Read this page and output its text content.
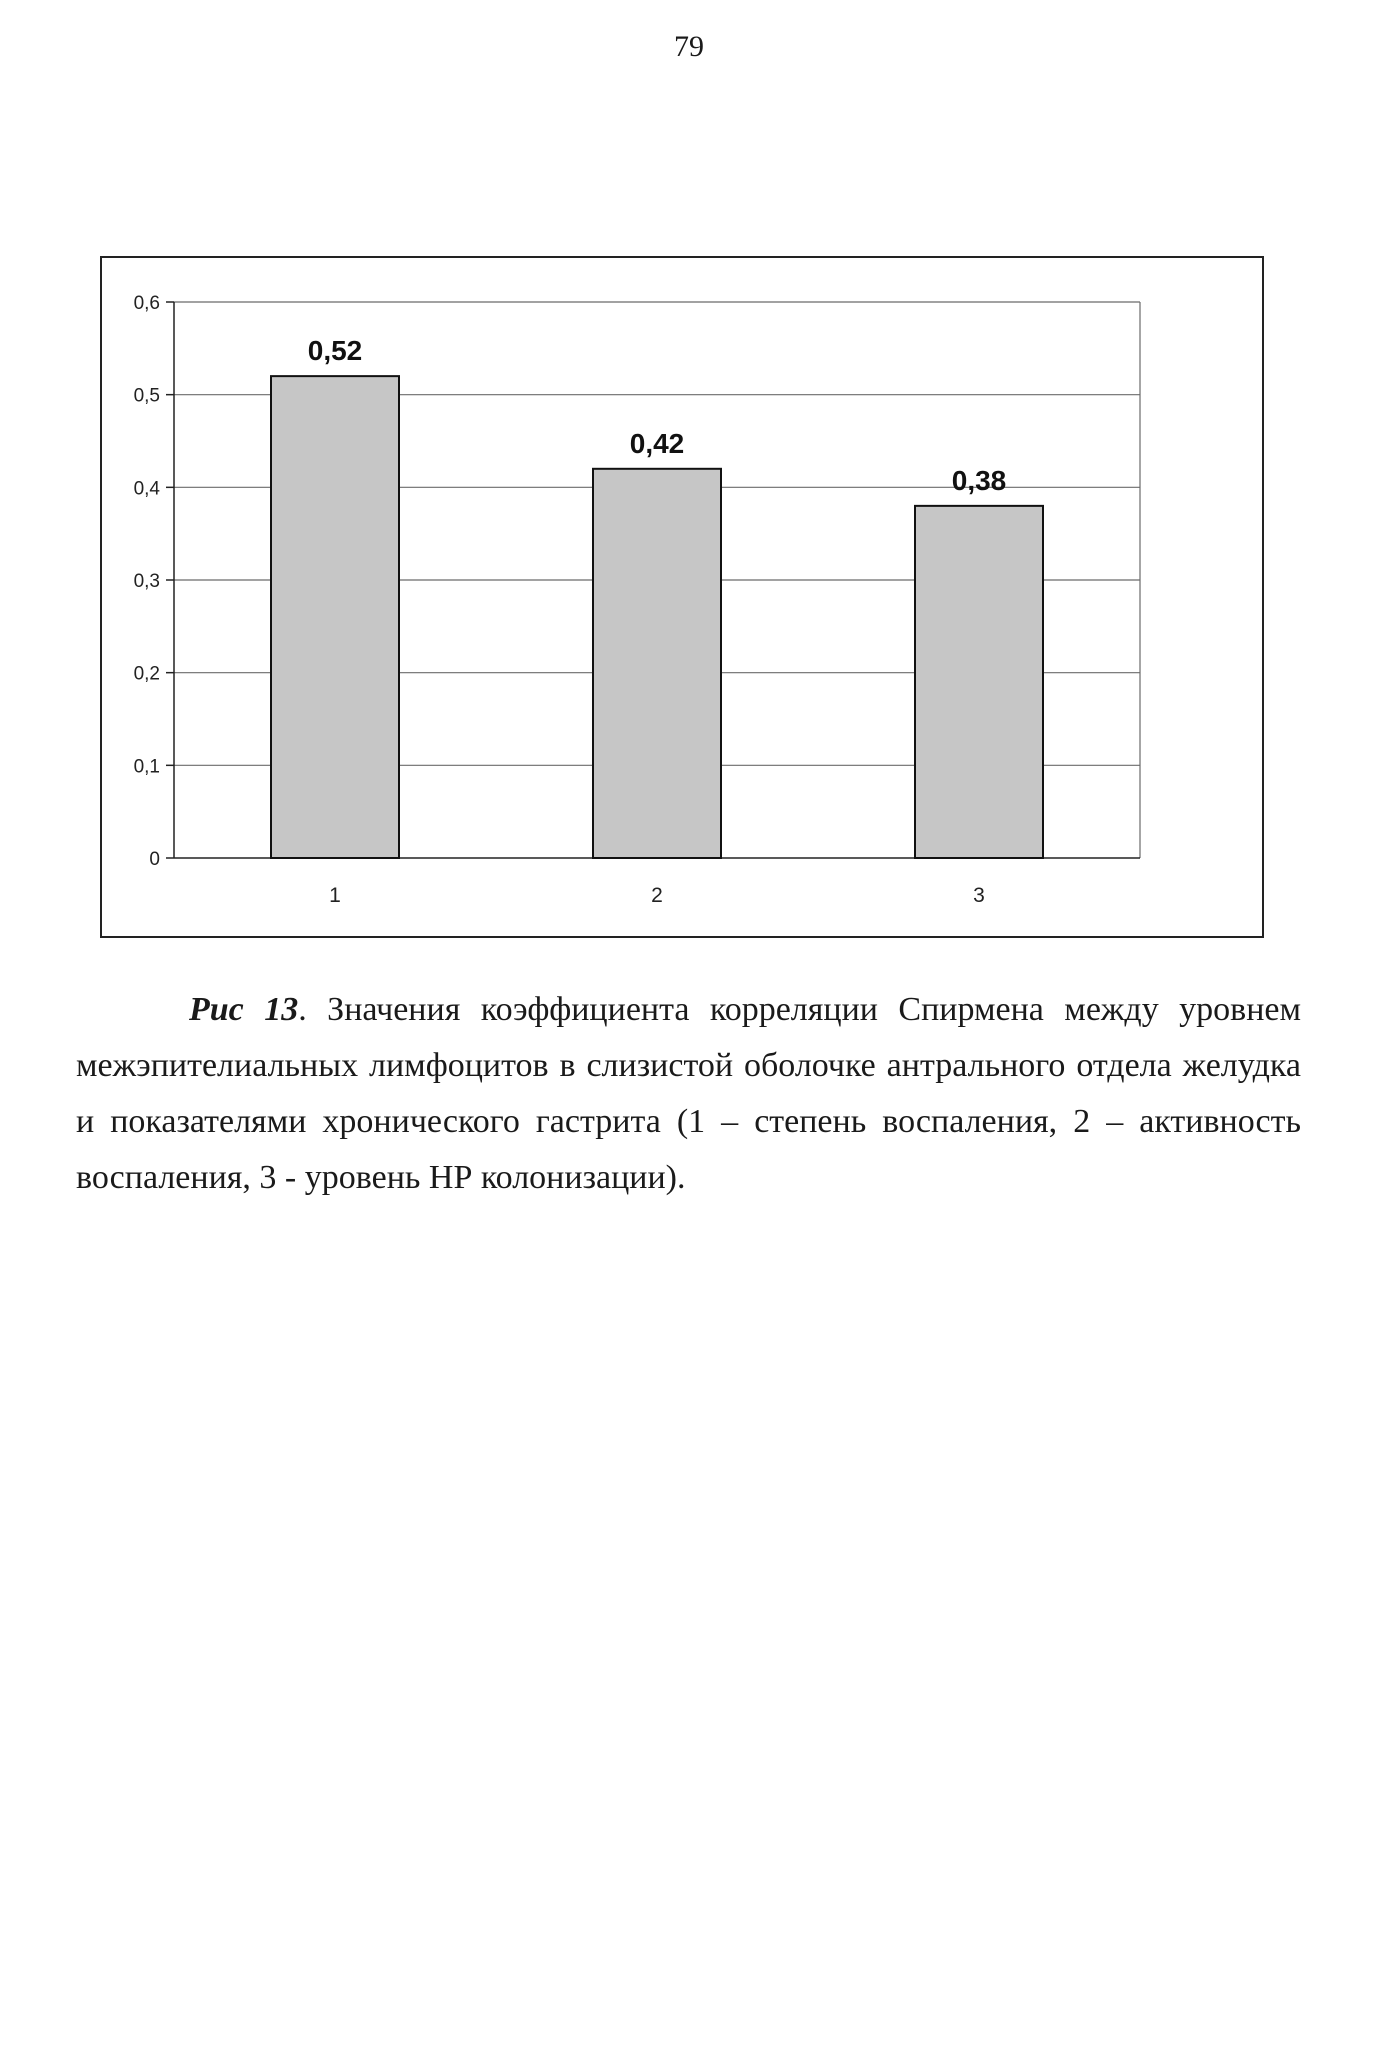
79
0
0,1
0,2
0,3
0,4
0,5
0,6
0,52
1
0,42
2
0,38
3
Рис 13. Значения коэффициента корреляции Спирмена между уровнем межэпителиальных лимфоцитов в слизистой оболочке антрального отдела желудка и показателями хронического гастрита (1 – степень воспаления, 2 – активность воспаления, 3 - уровень НР колонизации).
